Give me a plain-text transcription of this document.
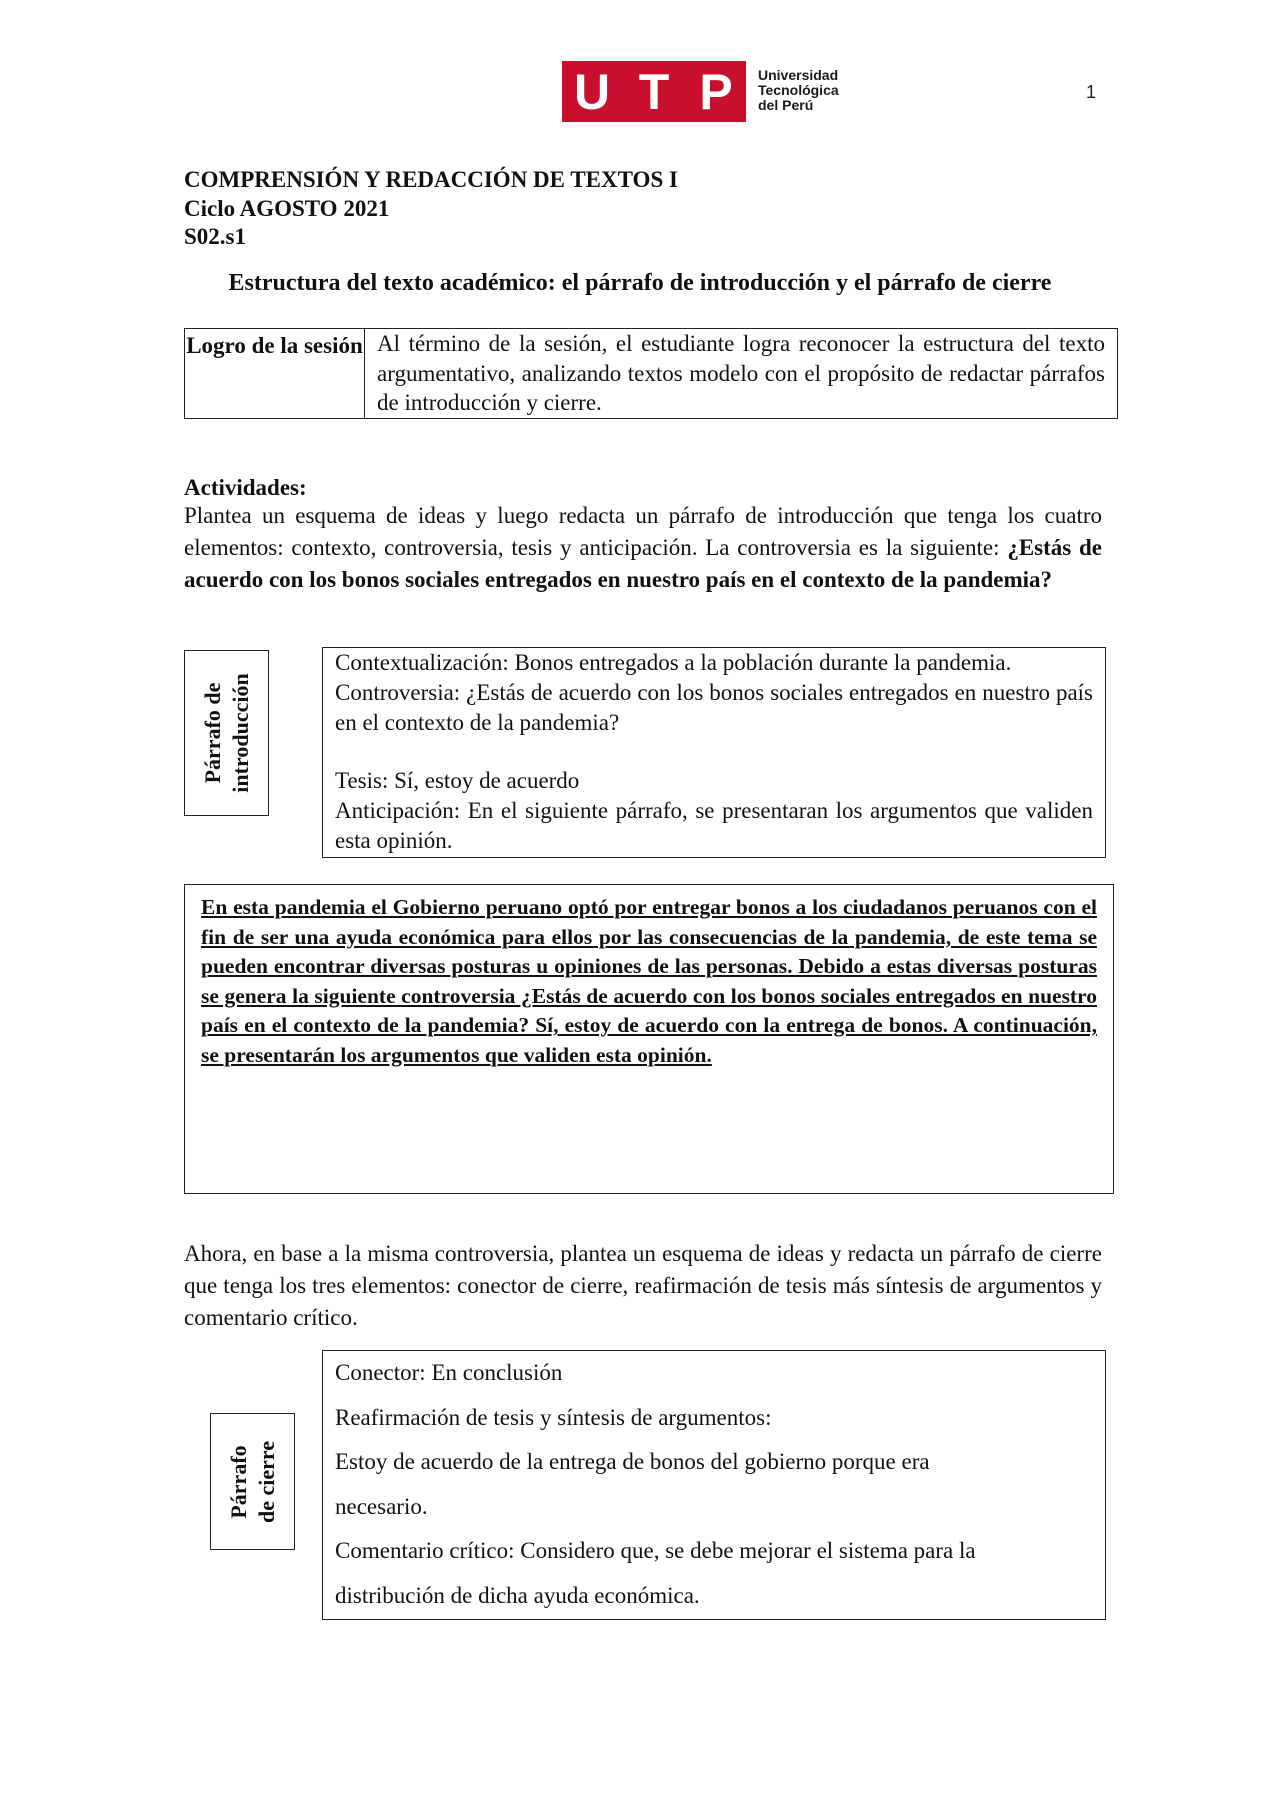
U T P	Universidad
Tecnológica
del Perú
1
COMPRENSIÓN Y REDACCIÓN DE TEXTOS I
Ciclo AGOSTO 2021
S02.s1
Estructura del texto académico: el párrafo de introducción y el párrafo de cierre
Logro de la sesión Al término de la sesión, el estudiante logra reconocer la estructura del texto argumentativo, analizando textos modelo con el propósito de redactar párrafos de introducción y cierre.
Actividades:

Plantea un esquema de ideas y luego redacta un párrafo de introducción que tenga los cuatro elementos: contexto, controversia, tesis y anticipación. La controversia es la siguiente: ¿Estás de acuerdo con los bonos sociales entregados en nuestro país en el contexto de la pandemia?

Párrafo de introducción

Contextualización: Bonos entregados a la población durante la pandemia.

Controversia: ¿Estás de acuerdo con los bonos sociales entregados en nuestro país en el contexto de la pandemia?

Tesis: Sí, estoy de acuerdo

Anticipación: En el siguiente párrafo, se presentaran los argumentos que validen esta opinión.

En esta pandemia el Gobierno peruano optó por entregar bonos a los ciudadanos peruanos con el fin de ser una ayuda económica para ellos por las consecuencias de la pandemia, de este tema se pueden encontrar diversas posturas u opiniones de las personas. Debido a estas diversas posturas se genera la siguiente controversia ¿Estás de acuerdo con los bonos sociales entregados en nuestro país en el contexto de la pandemia? Sí, estoy de acuerdo con la entrega de bonos. A continuación, se presentarán los argumentos que validen esta opinión.

Ahora, en base a la misma controversia, plantea un esquema de ideas y redacta un párrafo de cierre que tenga los tres elementos: conector de cierre, reafirmación de tesis más síntesis de argumentos y comentario crítico.

Párrafo de cierre

Conector: En conclusión

Reafirmación de tesis y síntesis de argumentos:

Estoy de acuerdo de la entrega de bonos del gobierno porque era

necesario.

Comentario crítico: Considero que, se debe mejorar el sistema para la

distribución de dicha ayuda económica.
